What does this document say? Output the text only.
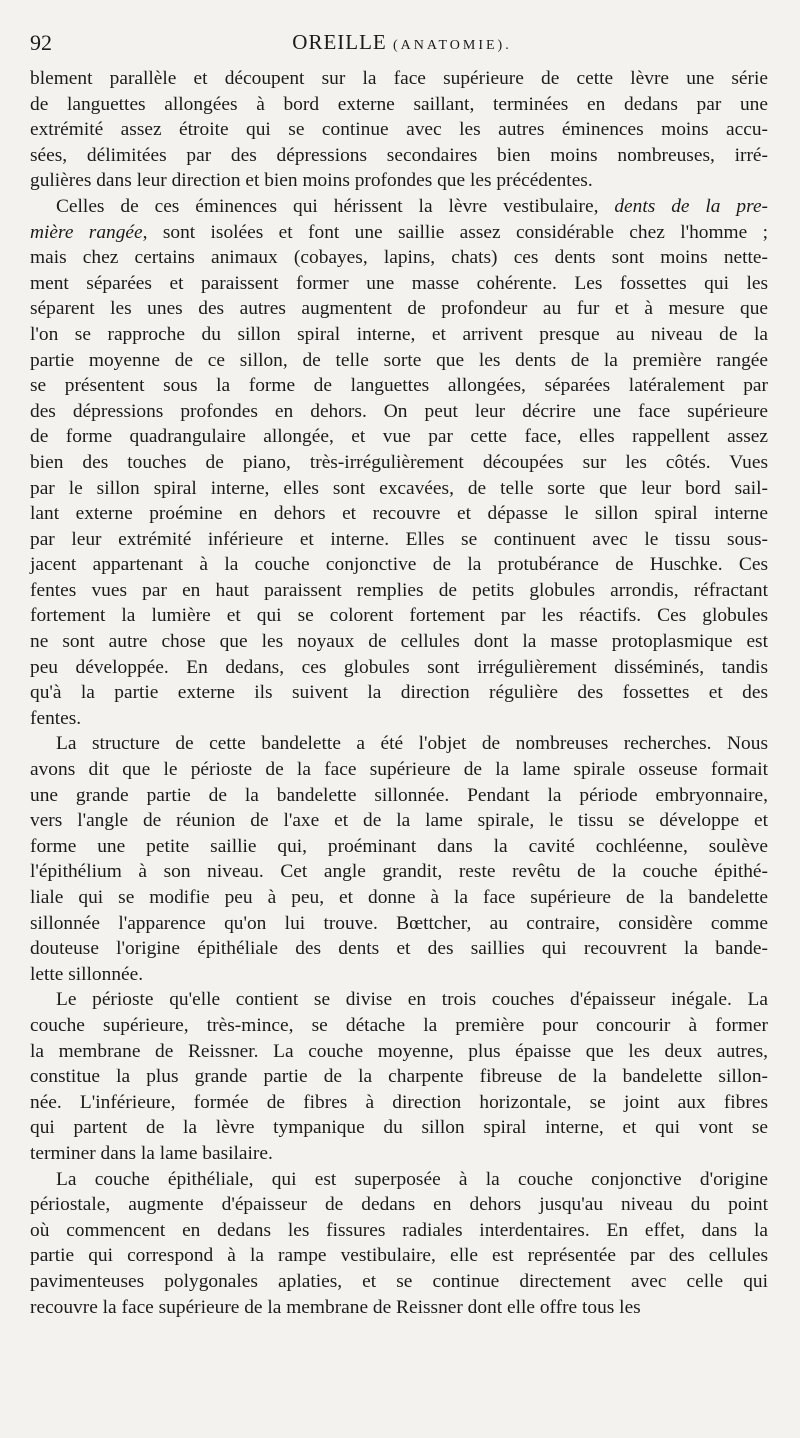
92	OREILLE (ANATOMIE).

blement parallèle et découpent sur la face supérieure de cette lèvre une série
de languettes allongées à bord externe saillant, terminées en dedans par une
extrémité assez étroite qui se continue avec les autres éminences moins accu-
sées, délimitées par des dépressions secondaires bien moins nombreuses, irré-
gulières dans leur direction et bien moins profondes que les précédentes.

Celles de ces éminences qui hérissent la lèvre vestibulaire, dents de la pre-
mière rangée, sont isolées et font une saillie assez considérable chez l'homme ;
mais chez certains animaux (cobayes, lapins, chats) ces dents sont moins nette-
ment séparées et paraissent former une masse cohérente. Les fossettes qui les
séparent les unes des autres augmentent de profondeur au fur et à mesure que
l'on se rapproche du sillon spiral interne, et arrivent presque au niveau de la
partie moyenne de ce sillon, de telle sorte que les dents de la première rangée
se présentent sous la forme de languettes allongées, séparées latéralement par
des dépressions profondes en dehors. On peut leur décrire une face supérieure
de forme quadrangulaire allongée, et vue par cette face, elles rappellent assez
bien des touches de piano, très-irrégulièrement découpées sur les côtés. Vues
par le sillon spiral interne, elles sont excavées, de telle sorte que leur bord sail-
lant externe proémine en dehors et recouvre et dépasse le sillon spiral interne
par leur extrémité inférieure et interne. Elles se continuent avec le tissu sous-
jacent appartenant à la couche conjonctive de la protubérance de Huschke. Ces
fentes vues par en haut paraissent remplies de petits globules arrondis, réfractant
fortement la lumière et qui se colorent fortement par les réactifs. Ces globules
ne sont autre chose que les noyaux de cellules dont la masse protoplasmique est
peu développée. En dedans, ces globules sont irrégulièrement disséminés, tandis
qu'à la partie externe ils suivent la direction régulière des fossettes et des
fentes.

La structure de cette bandelette a été l'objet de nombreuses recherches. Nous
avons dit que le périoste de la face supérieure de la lame spirale osseuse formait
une grande partie de la bandelette sillonnée. Pendant la période embryonnaire,
vers l'angle de réunion de l'axe et de la lame spirale, le tissu se développe et
forme une petite saillie qui, proéminant dans la cavité cochléenne, soulève
l'épithélium à son niveau. Cet angle grandit, reste revêtu de la couche épithé-
liale qui se modifie peu à peu, et donne à la face supérieure de la bandelette
sillonnée l'apparence qu'on lui trouve. Bœttcher, au contraire, considère comme
douteuse l'origine épithéliale des dents et des saillies qui recouvrent la bande-
lette sillonnée.

Le périoste qu'elle contient se divise en trois couches d'épaisseur inégale. La
couche supérieure, très-mince, se détache la première pour concourir à former
la membrane de Reissner. La couche moyenne, plus épaisse que les deux autres,
constitue la plus grande partie de la charpente fibreuse de la bandelette sillon-
née. L'inférieure, formée de fibres à direction horizontale, se joint aux fibres
qui partent de la lèvre tympanique du sillon spiral interne, et qui vont se
terminer dans la lame basilaire.

La couche épithéliale, qui est superposée à la couche conjonctive d'origine
périostale, augmente d'épaisseur de dedans en dehors jusqu'au niveau du point
où commencent en dedans les fissures radiales interdentaires. En effet, dans la
partie qui correspond à la rampe vestibulaire, elle est représentée par des cellules
pavimenteuses polygonales aplaties, et se continue directement avec celle qui
recouvre la face supérieure de la membrane de Reissner dont elle offre tous les
